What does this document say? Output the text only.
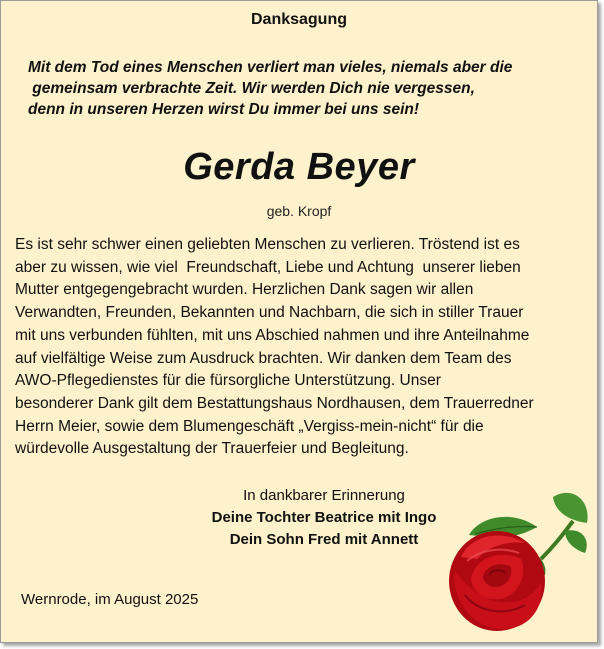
Danksagung
Mit dem Tod eines Menschen verliert man vieles, niemals aber die
gemeinsam verbrachte Zeit. Wir werden Dich nie vergessen,
denn in unseren Herzen wirst Du immer bei uns sein!
Gerda Beyer
geb. Kropf
Es ist sehr schwer einen geliebten Menschen zu verlieren. Tröstend ist es
aber zu wissen, wie viel  Freundschaft, Liebe und Achtung  unserer lieben
Mutter entgegengebracht wurden. Herzlichen Dank sagen wir allen
Verwandten, Freunden, Bekannten und Nachbarn, die sich in stiller Trauer
mit uns verbunden fühlten, mit uns Abschied nahmen und ihre Anteilnahme
auf vielfältige Weise zum Ausdruck brachten. Wir danken dem Team des
AWO-Pflegedienstes für die fürsorgliche Unterstützung. Unser
besonderer Dank gilt dem Bestattungshaus Nordhausen, dem Trauerredner
Herrn Meier, sowie dem Blumengeschäft „Vergiss-mein-nicht“ für die
würdevolle Ausgestaltung der Trauerfeier und Begleitung.
In dankbarer Erinnerung
Deine Tochter Beatrice mit Ingo
Dein Sohn Fred mit Annett
Wernrode, im August 2025
